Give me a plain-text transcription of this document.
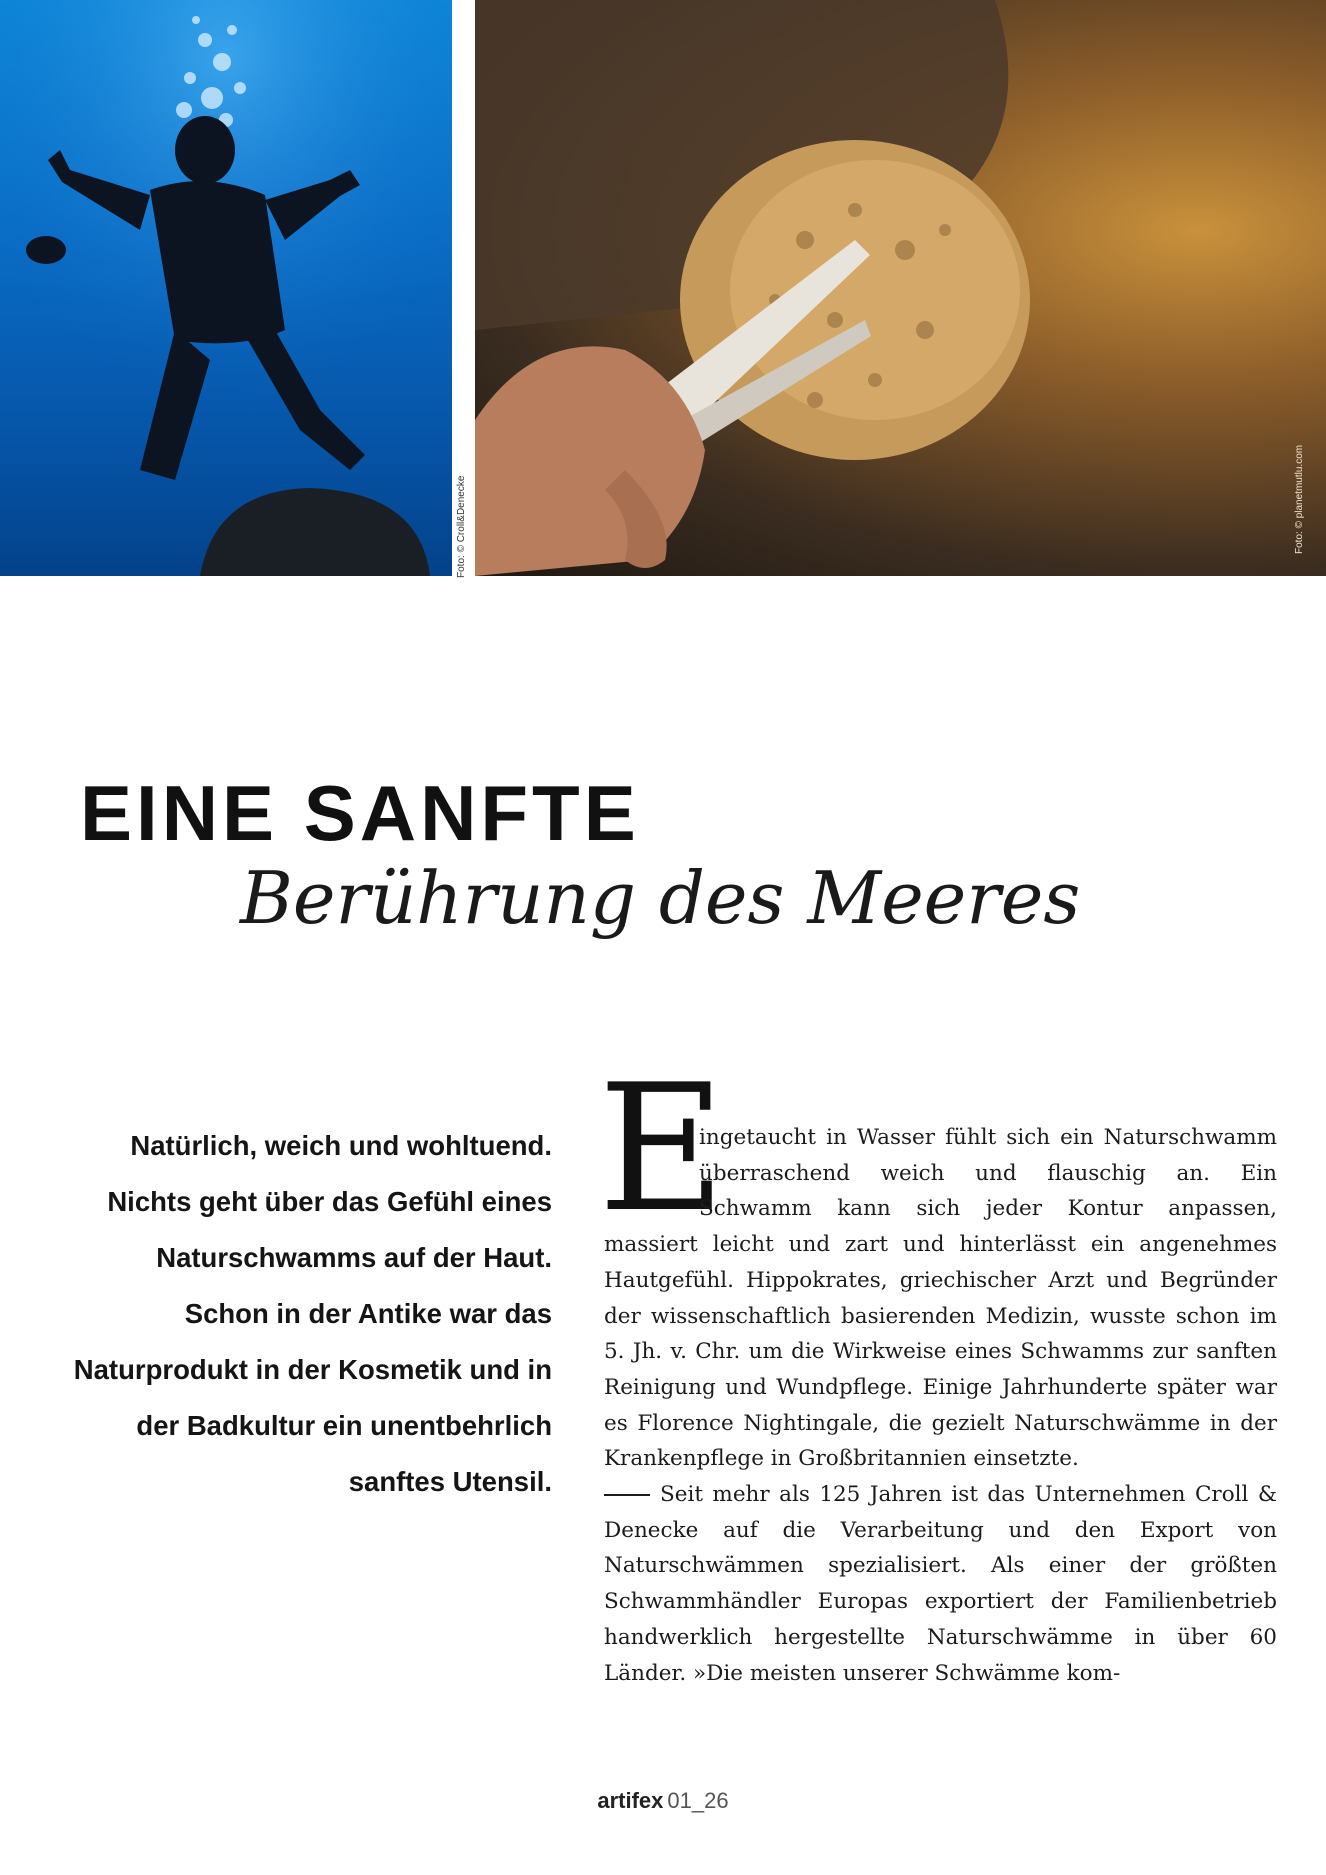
Foto: © Croll&Denecke	Foto: © planetmutlu.com
EINE SANFTE
Berührung des Meeres

Natürlich, weich und wohltuend. Nichts geht über das Gefühl eines Naturschwamms auf der Haut. Schon in der Antike war das Naturprodukt in der Kosmetik und in der Badkultur ein unentbehrlich sanftes Utensil.

E

ingetaucht in Wasser fühlt sich ein Naturschwamm überraschend weich und flauschig an. Ein Schwamm kann sich jeder Kontur anpassen, massiert leicht und zart und hinterlässt ein angenehmes Hautgefühl. Hippokrates, griechischer Arzt und Begründer der wissenschaftlich basierenden Medizin, wusste schon im 5. Jh. v. Chr. um die Wirkweise eines Schwamms zur sanften Reinigung und Wundpflege. Einige Jahrhunderte später war es Florence Nightingale, die gezielt Naturschwämme in der Krankenpflege in Großbritannien einsetzte.

Seit mehr als 125 Jahren ist das Unternehmen Croll & Denecke auf die Verarbeitung und den Export von Naturschwämmen spezialisiert. Als einer der größten Schwammhändler Europas exportiert der Familienbetrieb handwerklich hergestellte Naturschwämme in über 60 Länder. »Die meisten unserer Schwämme kom-

artifex 01_26
